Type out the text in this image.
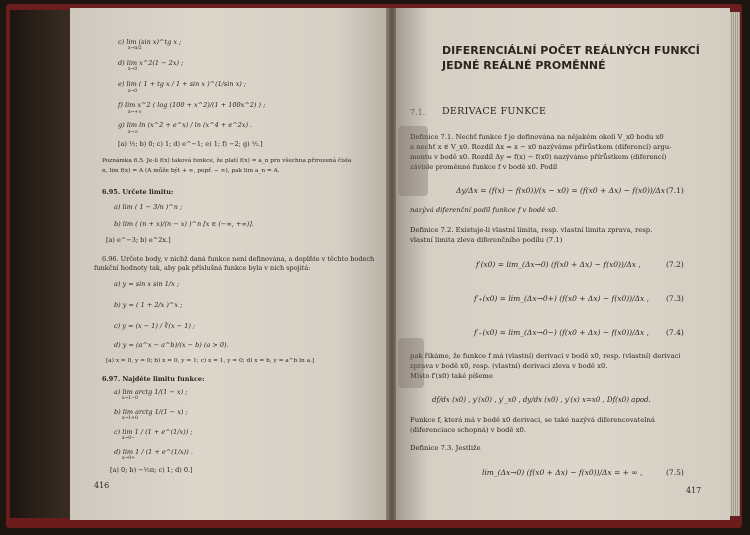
c) lim (sin x)^tg x ;
x→π/2
d) lim x^2(1 − 2x) ;
x→0
e) lim ( 1 + tg x / 1 + sin x )^(1/sin x) ;
x→0
f) lim x^2 ( log (100 + x^2)/(1 + 100x^2) ) ;
x→+∞
g) lim ln (x^2 + e^x) / ln (x^4 + e^2x) .
x→∞
[a) ½; b) 0; c) 1; d) e^−1; e) 1; f) −2; g) ½.]
Poznámka 6.5. Je-li f(x) taková funkce, že platí f(x) = a_n pro všechna přirozená čísla
n, lim f(x) = A (A může být + ∞, popř. − ∞), pak lim a_n = A.
6.95. Určete limitu:
a) lim ( 1 − 3/n )^n ;
b) lim ( (n + x)/(n − x) )^n [x ∈ (−∞, +∞)].
[a) e^−3; b) e^2x.]
6.96. Určete body, v nichž daná funkce není definována, a doplňte v těchto bodech
funkční hodnoty tak, aby pak příslušná funkce byla v nich spojitá:
a) y = sin x sin 1/x ;
b) y = ( 1 + 2/x )^x ;
c) y = (x − 1) / ∛(x − 1) ;
d) y = (a^x − a^b)/(x − b) (a > 0).
[a) x = 0, y = 0; b) x = 0, y = 1; c) x = 1, y = 0; d) x = b, y = a^b ln a.]
6.97. Najděte limitu funkce:
a) lim arctg 1/(1 − x) ;
x→1−0
b) lim arctg 1/(1 − x) ;
x→1+0
c) lim 1 / (1 + e^(1/x)) ;
x→0−
d) lim 1 / (1 + e^(1/x)) .
x→0+
[a) 0; b) −½π; c) 1; d) 0.]
416
DIFERENCIÁLNÍ POČET REÁLNÝCH FUNKCÍ
JEDNÉ REÁLNÉ PROMĚNNÉ
7.1. DERIVACE FUNKCE

Definice 7.1. Nechť funkce f je definována na nějakém okolí V_x0 bodu x0

a nechť x ∈ V_x0. Rozdíl Δx = x − x0 nazýváme přírůstkem (diferencí) argu-

mentu v bodě x0. Rozdíl Δy = f(x) − f(x0) nazýváme přírůstkem (diferencí)

závisle proměnné funkce f v bodě x0. Podíl

Δy/Δx = (f(x) − f(x0))/(x − x0) = (f(x0 + Δx) − f(x0))/Δx (7.1)

nazývá diferenční podíl funkce f v bodě x0.

Definice 7.2. Existuje-li vlastní limita, resp. vlastní limita zprava, resp.

vlastní limita zleva diferenčního podílu (7.1)

f′(x0) = lim_(Δx→0) (f(x0 + Δx) − f(x0))/Δx ,	(7.2)
f′₊(x0) = lim_(Δx→0+) (f(x0 + Δx) − f(x0))/Δx , (7.3)
f′₋(x0) = lim_(Δx→0−) (f(x0 + Δx) − f(x0))/Δx , (7.4)

pak říkáme, že funkce f má (vlastní) derivaci v bodě x0, resp. (vlastní) derivaci

zprava v bodě x0, resp. (vlastní) derivaci zleva v bodě x0.

Místo f′(x0) také píšeme

df/dx (x0) , y′(x0) , y′_x0 , dy/dx (x0) , y′(x) x=x0 , Df(x0) apod.

Funkce f, která má v bodě x0 derivaci, se také nazývá diferencovatelná

(diferenciace schopná) v bodě x0.

Definice 7.3. Jestliže

lim_(Δx→0) (f(x0 + Δx) − f(x0))/Δx = + ∞ ,	(7.5)
417
